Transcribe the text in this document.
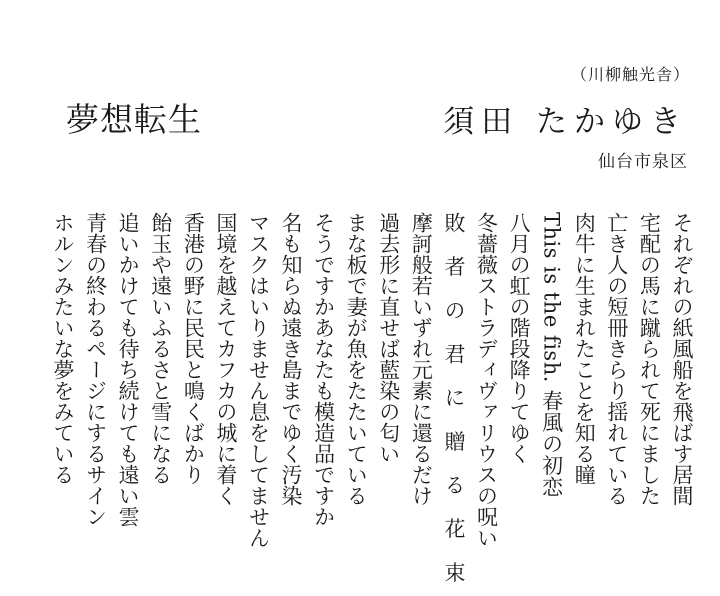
（川柳触光舎）
夢想転生	須田 たかゆき
仙台市泉区
それぞれの紙風船を飛ばす居間
宅配の馬に蹴られて死にました
亡き人の短冊きらり揺れている
肉牛に生まれたことを知る瞳
This is the fish. 春風の初恋
八月の虹の階段降りてゆく
冬薔薇ストラディヴァリウスの呪い
敗 者 の 君 に 贈 る 花 束
摩訶般若いずれ元素に還るだけ
過去形に直せば藍染の匂い
まな板で妻が魚をたたいている
そうですかあなたも模造品ですか
名も知らぬ遠き島までゆく汚染
マスクはいりません息をしてません
国境を越えてカフカの城に着く
香港の野に民民と鳴くばかり
飴玉や遠いふるさと雪になる
追いかけても待ち続けても遠い雲
青春の終わるページにするサイン
ホルンみたいな夢をみている
